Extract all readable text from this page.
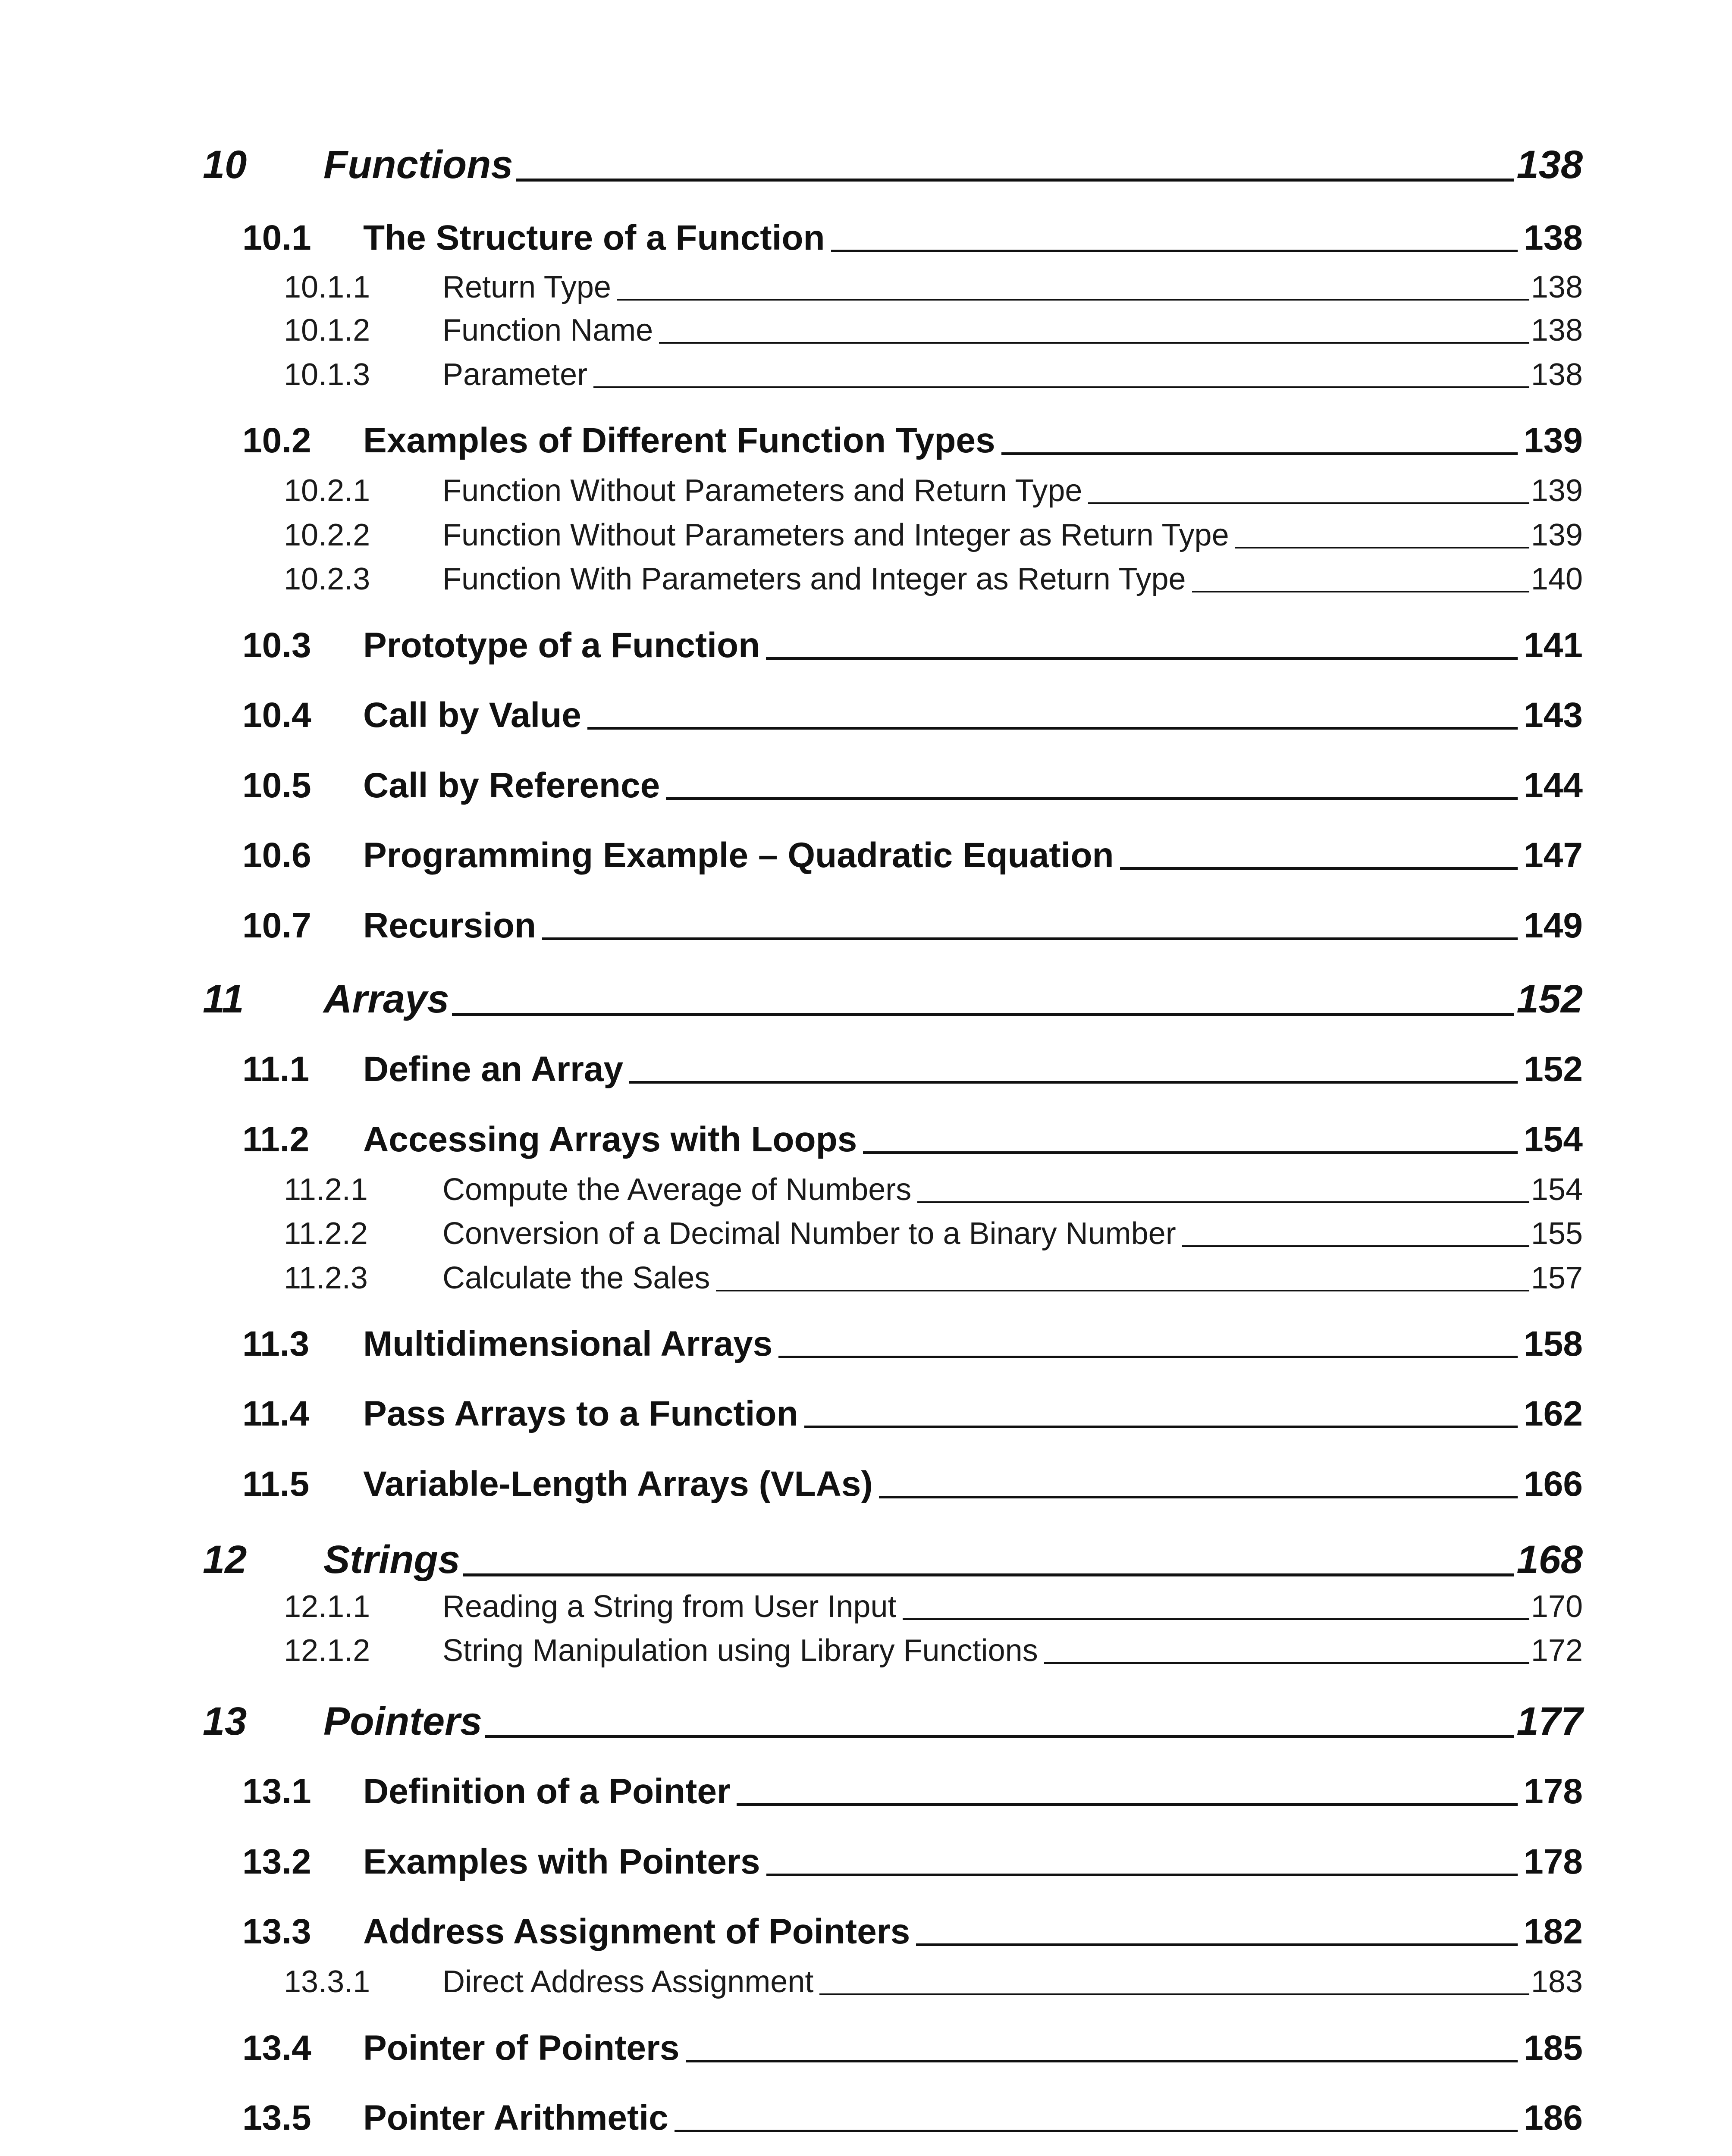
10	Functions	138
10.1	The Structure of a Function	138
10.1.1	Return Type	138
10.1.2	Function Name	138
10.1.3	Parameter	138
10.2	Examples of Different Function Types	139
10.2.1	Function Without Parameters and Return Type	139
10.2.2	Function Without Parameters and Integer as Return Type	139
10.2.3	Function With Parameters and Integer as Return Type	140
10.3	Prototype of a Function	141
10.4	Call by Value	143
10.5	Call by Reference	144
10.6	Programming Example – Quadratic Equation	147
10.7	Recursion	149
11	Arrays	152
11.1	Define an Array	152
11.2	Accessing Arrays with Loops	154
11.2.1	Compute the Average of Numbers	154
11.2.2	Conversion of a Decimal Number to a Binary Number	155
11.2.3	Calculate the Sales	157
11.3	Multidimensional Arrays	158
11.4	Pass Arrays to a Function	162
11.5	Variable-Length Arrays (VLAs)	166
12	Strings	168
12.1.1	Reading a String from User Input	170
12.1.2	String Manipulation using Library Functions	172
13	Pointers	177
13.1	Definition of a Pointer	178
13.2	Examples with Pointers	178
13.3	Address Assignment of Pointers	182
13.3.1	Direct Address Assignment	183
13.4	Pointer of Pointers	185
13.5	Pointer Arithmetic	186
